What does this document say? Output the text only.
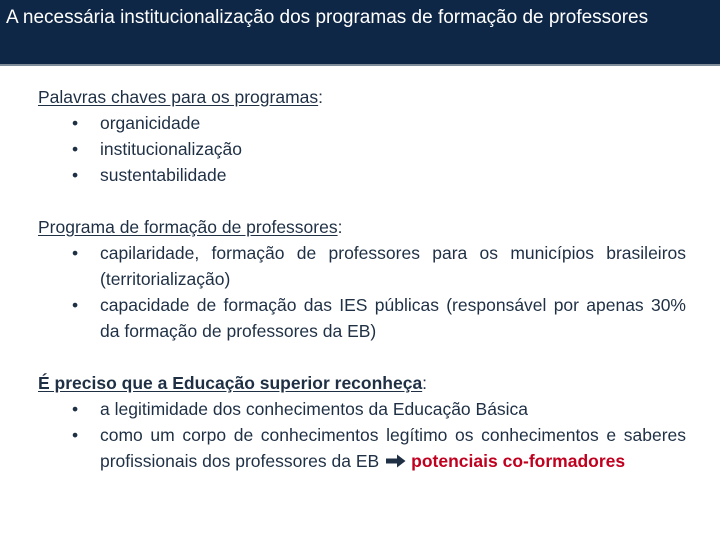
A necessária institucionalização dos programas de formação de professores

Palavras chaves para os programas:

• organicidade
• institucionalização
• sustentabilidade

Programa de formação de professores:

• capilaridade, formação de professores para os municípios brasileiros (territorialização)
• capacidade de formação das IES públicas (responsável por apenas 30% da formação de professores da EB)

É preciso que a Educação superior reconheça:

• a legitimidade dos conhecimentos da Educação Básica
• como um corpo de conhecimentos legítimo os conhecimentos e saberes profissionais dos professores da EB potenciais co-formadores
